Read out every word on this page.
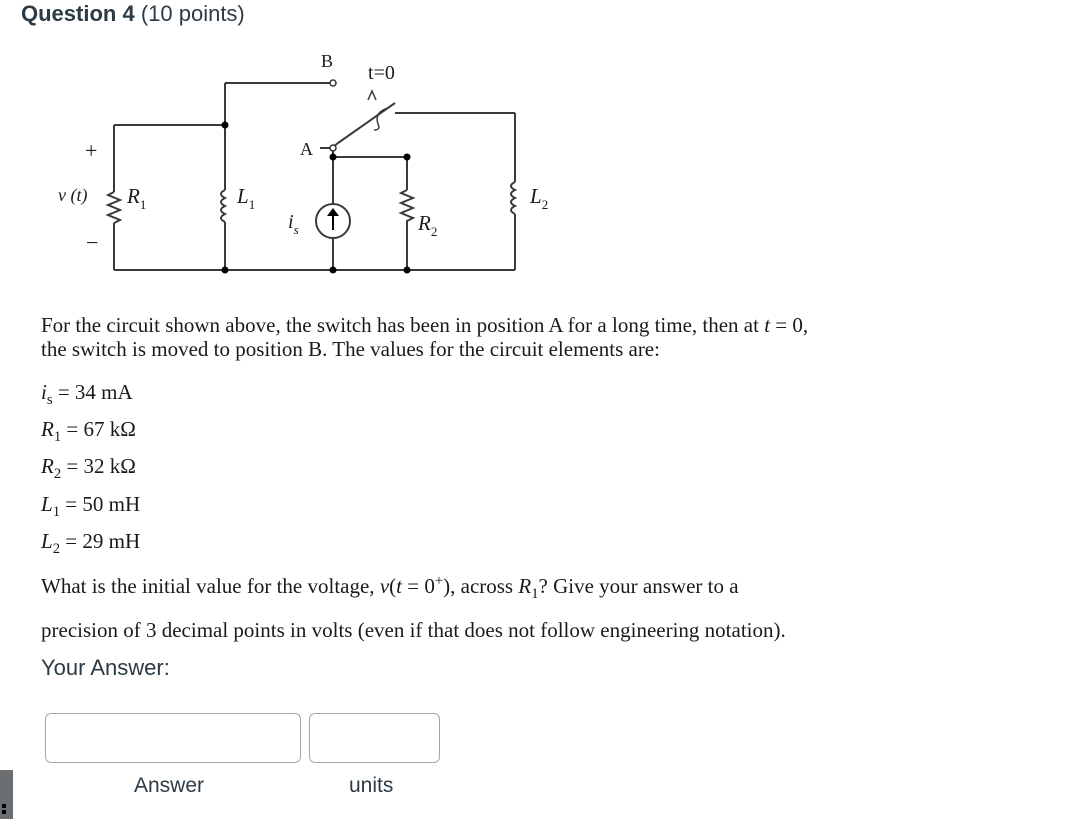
Question 4 (10 points)
B
t=0
A
+
−
v (t) $R_1$	$L_1$
$i_s$	$R_2$
$L_2$
For the circuit shown above, the switch has been in position A for a long time, then at t = 0,
the switch is moved to position B. The values for the circuit elements are:
$i_s = 34$ mA
$R_1 = 67$ kΩ
$R_2 = 32$ kΩ
$L_1 = 50$ mH
$L_2 = 29$ mH
What is the initial value for the voltage, v(t = 0+), across $R_1$? Give your answer to a
precision of 3 decimal points in volts (even if that does not follow engineering notation).
Your Answer:
Answer	units
